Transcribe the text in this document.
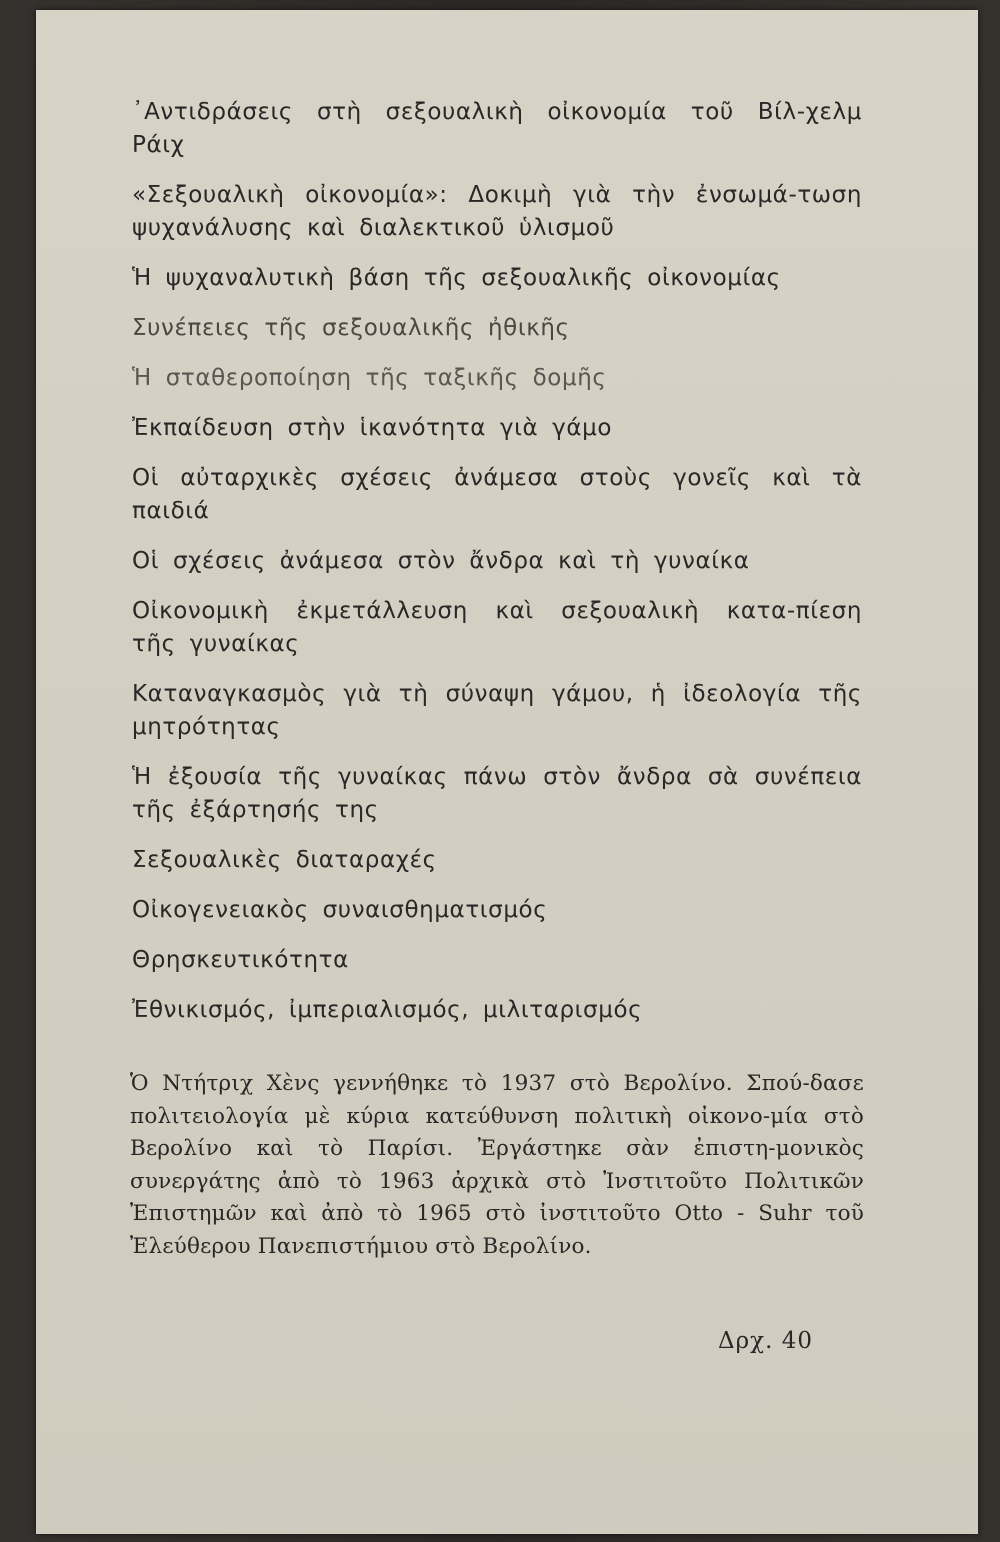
᾽Αντιδράσεις στὴ σεξουαλικὴ οἰκονομία τοῦ Βίλ-χελμ Ράιχ
«Σεξουαλικὴ οἰκονομία»: Δοκιμὴ γιὰ τὴν ἐνσωμά-τωση ψυχανάλυσης καὶ διαλεκτικοῦ ὑλισμοῦ
Ἡ ψυχαναλυτικὴ βάση τῆς σεξουαλικῆς οἰκονομίας
Συνέπειες τῆς σεξουαλικῆς ἠθικῆς
Ἡ σταθεροποίηση τῆς ταξικῆς δομῆς
Ἐκπαίδευση στὴν ἱκανότητα γιὰ γάμο
Οἱ αὐταρχικὲς σχέσεις ἀνάμεσα στοὺς γονεῖς καὶ τὰ παιδιά
Οἱ σχέσεις ἀνάμεσα στὸν ἄνδρα καὶ τὴ γυναίκα
Οἰκονομικὴ ἐκμετάλλευση καὶ σεξουαλικὴ κατα-πίεση τῆς γυναίκας
Καταναγκασμὸς γιὰ τὴ σύναψη γάμου, ἡ ἰδεολογία τῆς μητρότητας
Ἡ ἐξουσία τῆς γυναίκας πάνω στὸν ἄνδρα σὰ συνέπεια τῆς ἐξάρτησής της
Σεξουαλικὲς διαταραχές
Οἰκογενειακὸς συναισθηματισμός
Θρησκευτικότητα
Ἐθνικισμός, ἰμπεριαλισμός, μιλιταρισμός

Ὁ Ντήτριχ Χὲνς γεννήθηκε τὸ 1937 στὸ Βερολίνο. Σπού-δασε πολιτειολογία μὲ κύρια κατεύθυνση πολιτικὴ οἰκονο-μία στὸ Βερολίνο καὶ τὸ Παρίσι. Ἐργάστηκε σὰν ἐπιστη-μονικὸς συνεργάτης ἀπὸ τὸ 1963 ἀρχικὰ στὸ Ἰνστιτοῦτο Πολιτικῶν Ἐπιστημῶν καὶ ἀπὸ τὸ 1965 στὸ ἰνστιτοῦτο Otto - Suhr τοῦ Ἐλεύθερου Πανεπιστήμιου στὸ Βερολίνο.

Δρχ. 40
